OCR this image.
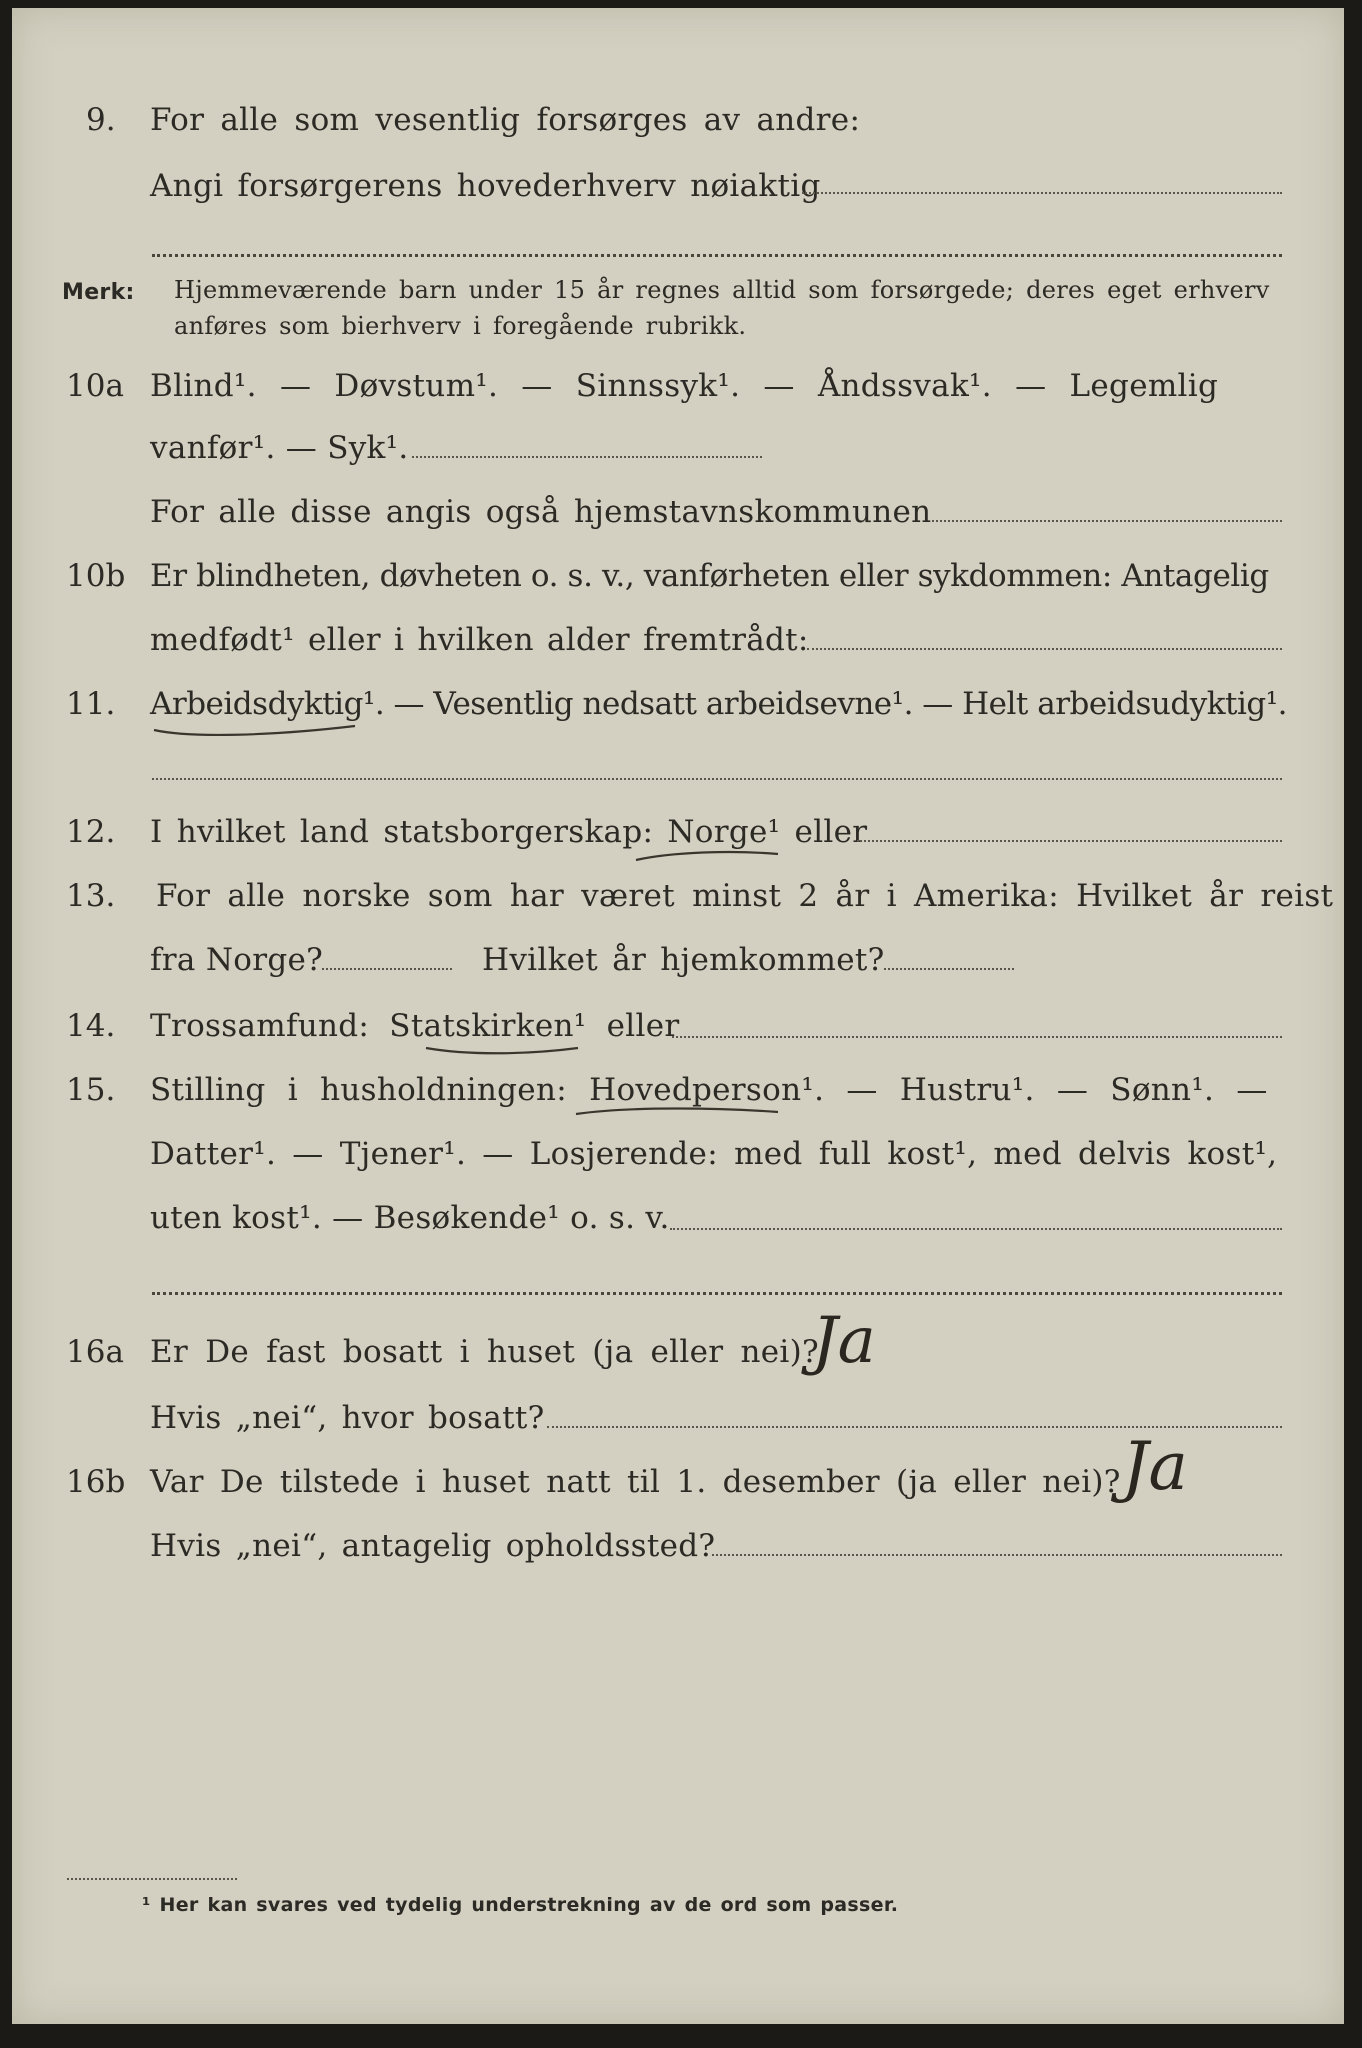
9. For alle som vesentlig forsørges av andre:
Angi forsørgerens hovederhverv nøiaktig
Merk: Hjemmeværende barn under 15 år regnes alltid som forsørgede; deres eget erhverv
anføres som bierhverv i foregående rubrikk.
10a Blind¹. — Døvstum¹. — Sinnssyk¹. — Åndssvak¹. — Legemlig
vanfør¹. — Syk¹.
For alle disse angis også hjemstavnskommunen
10b Er blindheten, døvheten o. s. v., vanførheten eller sykdommen: Antagelig
medfødt¹ eller i hvilken alder fremtrådt:
11. Arbeidsdyktig¹. — Vesentlig nedsatt arbeidsevne¹. — Helt arbeidsudyktig¹.
12. I hvilket land statsborgerskap: Norge¹ eller
13. For alle norske som har været minst 2 år i Amerika: Hvilket år reist
fra Norge?	Hvilket år hjemkommet?
14. Trossamfund: Statskirken¹ eller
15. Stilling i husholdningen: Hovedperson¹. — Hustru¹. — Sønn¹. —
Datter¹. — Tjener¹. — Losjerende: med full kost¹, med delvis kost¹,
uten kost¹. — Besøkende¹ o. s. v.
16a Er De fast bosatt i huset (ja eller nei)?
Ja
Hvis „nei“, hvor bosatt?
16b Var De tilstede i huset natt til 1. desember (ja eller nei)? Ja
Hvis „nei“, antagelig opholdssted?
¹ Her kan svares ved tydelig understrekning av de ord som passer.
